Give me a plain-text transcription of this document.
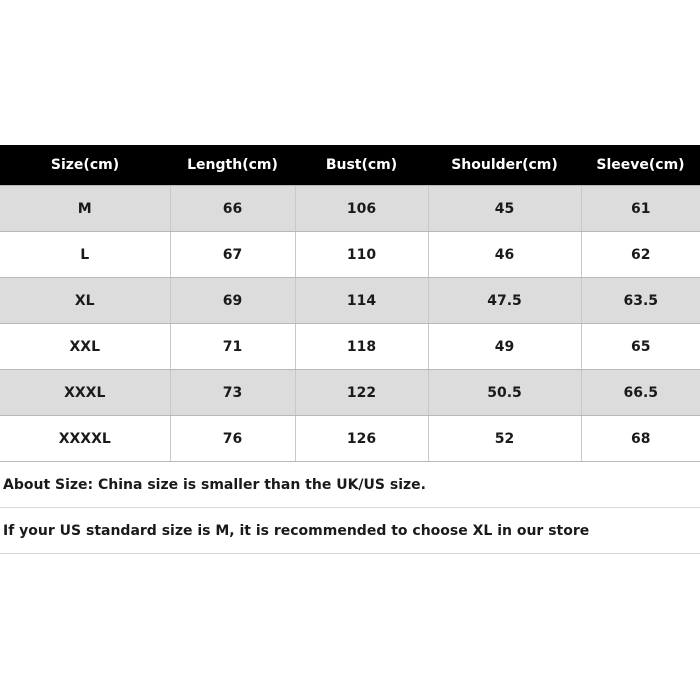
Size(cm)	Length(cm)	Bust(cm)	Shoulder(cm)	Sleeve(cm)
M	66	106	45	61
L	67	110	46	62
XL	69	114	47.5	63.5
XXL	71	118	49	65
XXXL	73	122	50.5	66.5
XXXXL	76	126	52	68
About Size: China size is smaller than the UK/US size.
If your US standard size is M, it is recommended to choose XL in our store
